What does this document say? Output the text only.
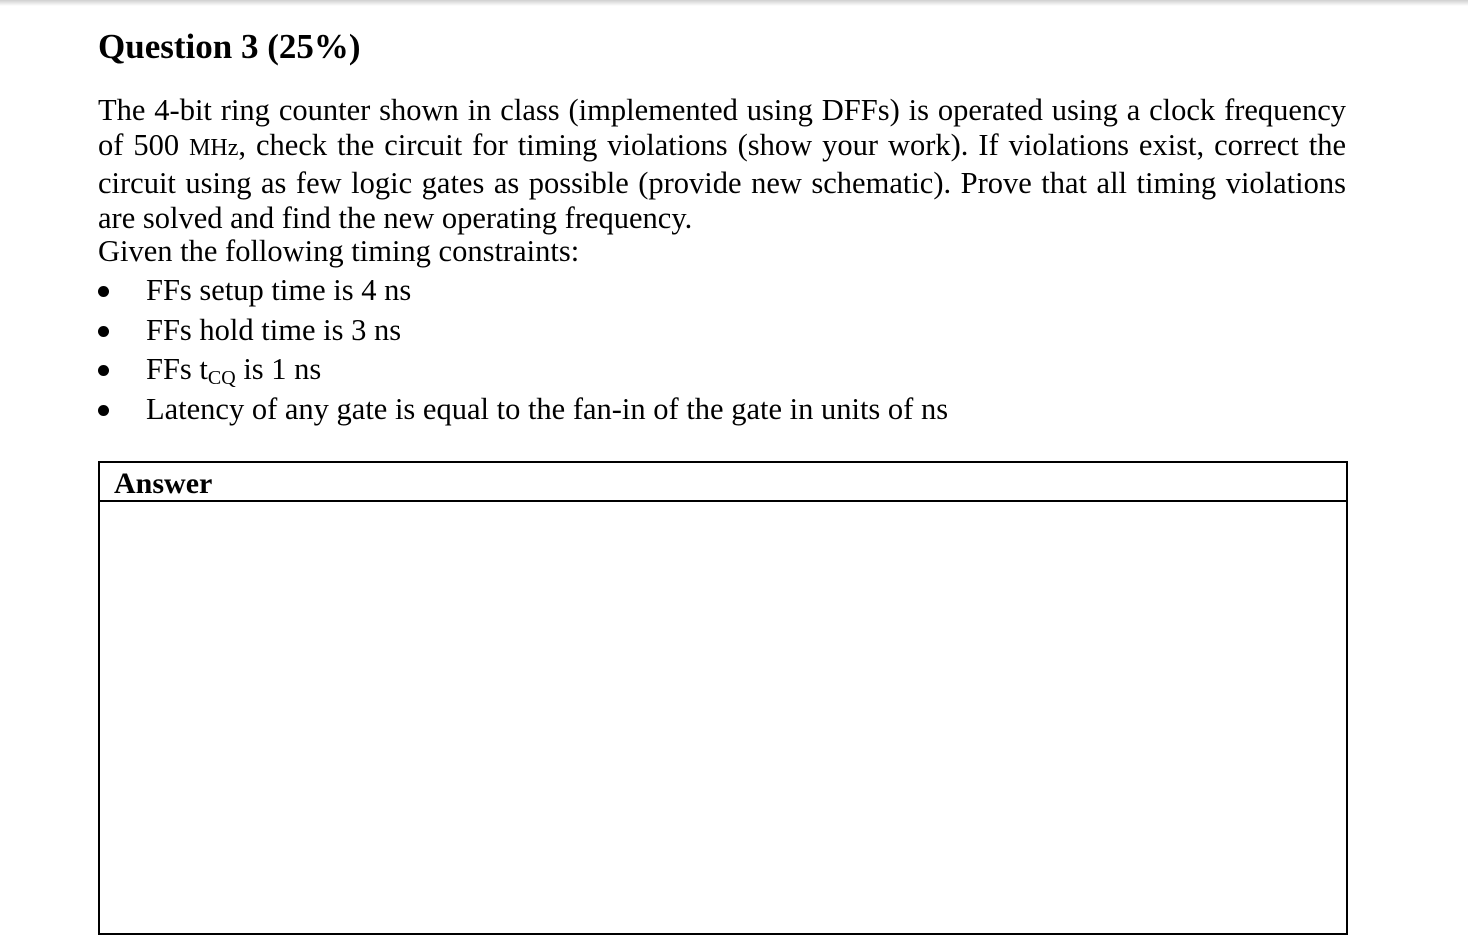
Question 3 (25%)

The 4-bit ring counter shown in class (implemented using DFFs) is operated using a clock frequency of 500 MHz, check the circuit for timing violations (show your work). If violations exist, correct the circuit using as few logic gates as possible (provide new schematic). Prove that all timing violations are solved and find the new operating frequency.

Given the following timing constraints:

FFs setup time is 4 ns
FFs hold time is 3 ns
FFs tCQ is 1 ns
Latency of any gate is equal to the fan-in of the gate in units of ns
Answer
